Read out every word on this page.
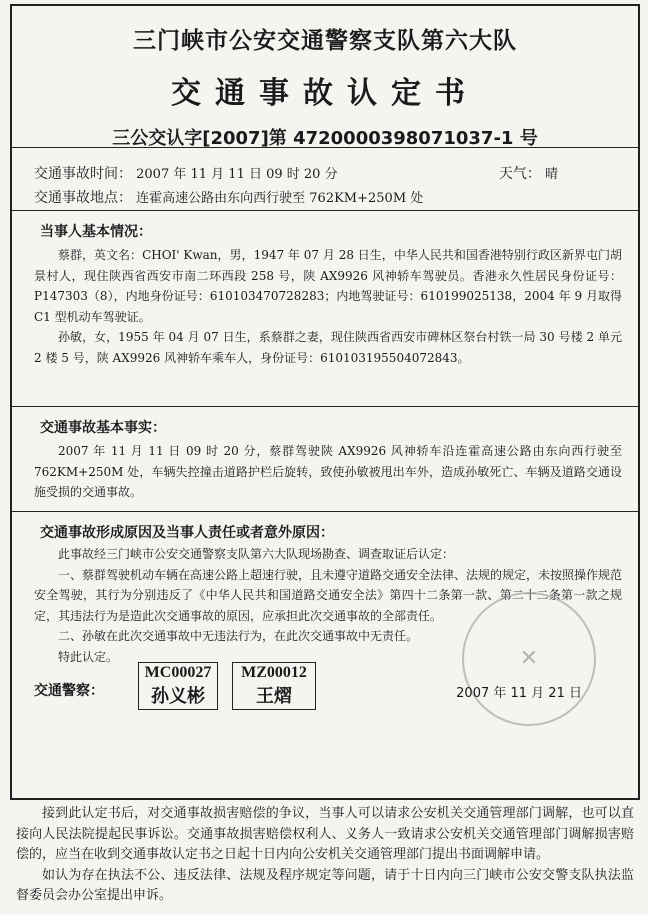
三门峡市公安交通警察支队第六大队
交通事故认定书
三公交认字[2007]第 4720000398071037-1 号
交通事故时间： 2007 年 11 月 11 日 09 时 20 分	天气： 晴
交通事故地点： 连霍高速公路由东向西行驶至 762KM+250M 处
当事人基本情况：

蔡群，英文名：CHOI' Kwan，男，1947 年 07 月 28 日生，中华人民共和国香港特别行政区新界屯门胡景村人，现住陕西省西安市南二环西段 258 号，陕 AX9926 风神轿车驾驶员。香港永久性居民身份证号：P147303（8），内地身份证号：610103470728283；内地驾驶证号：610199025138，2004 年 9 月取得 C1 型机动车驾驶证。

孙敏，女，1955 年 04 月 07 日生，系蔡群之妻，现住陕西省西安市碑林区祭台村铁一局 30 号楼 2 单元 2 楼 5 号，陕 AX9926 风神轿车乘车人，身份证号：610103195504072843。

交通事故基本事实：

2007 年 11 月 11 日 09 时 20 分，蔡群驾驶陕 AX9926 风神轿车沿连霍高速公路由东向西行驶至 762KM+250M 处，车辆失控撞击道路护栏后旋转，致使孙敏被甩出车外，造成孙敏死亡、车辆及道路交通设施受损的交通事故。

交通事故形成原因及当事人责任或者意外原因：

此事故经三门峡市公安交通警察支队第六大队现场勘查、调查取证后认定：

一、蔡群驾驶机动车辆在高速公路上超速行驶，且未遵守道路交通安全法律、法规的规定，未按照操作规范安全驾驶，其行为分别违反了《中华人民共和国道路交通安全法》第四十二条第一款、第二十二条第一款之规定，其违法行为是造此次交通事故的原因，应承担此次交通事故的全部责任。

二、孙敏在此次交通事故中无违法行为，在此次交通事故中无责任。

特此认定。	✕
交通警察：
MC00027
孙义彬
MZ00012
王熠	2007 年 11 月 21 日

接到此认定书后，对交通事故损害赔偿的争议，当事人可以请求公安机关交通管理部门调解，也可以直接向人民法院提起民事诉讼。交通事故损害赔偿权利人、义务人一致请求公安机关交通管理部门调解损害赔偿的，应当在收到交通事故认定书之日起十日内向公安机关交通管理部门提出书面调解申请。

如认为存在执法不公、违反法律、法规及程序规定等问题，请于十日内向三门峡市公安交警支队执法监督委员会办公室提出申诉。
